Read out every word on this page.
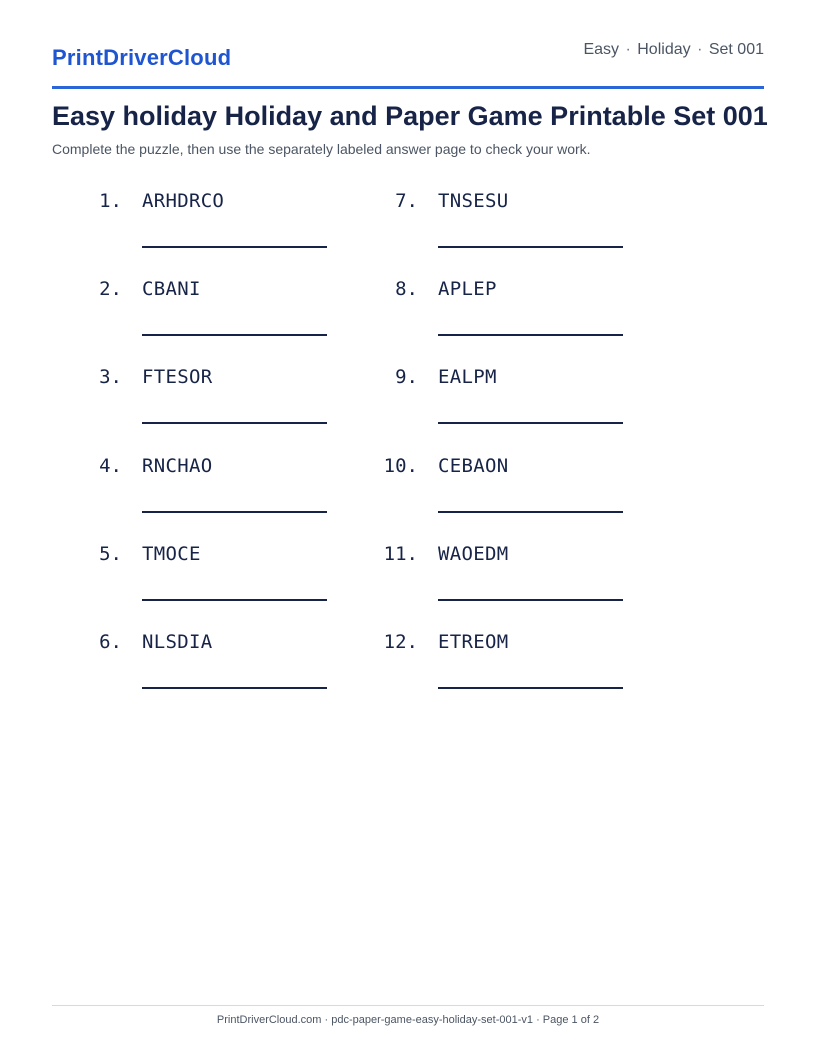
PrintDriverCloud	Easy · Holiday · Set 001
Easy holiday Holiday and Paper Game Printable Set 001

Complete the puzzle, then use the separately labeled answer page to check your work.

1. ARHDRCO
2. CBANI
3. FTESOR
4. RNCHAO
5. TMOCE
6. NLSDIA
7. TNSESU
8. APLEP
9. EALPM
10. CEBAON
11. WAOEDM
12. ETREOM
PrintDriverCloud.com · pdc-paper-game-easy-holiday-set-001-v1 · Page 1 of 2
